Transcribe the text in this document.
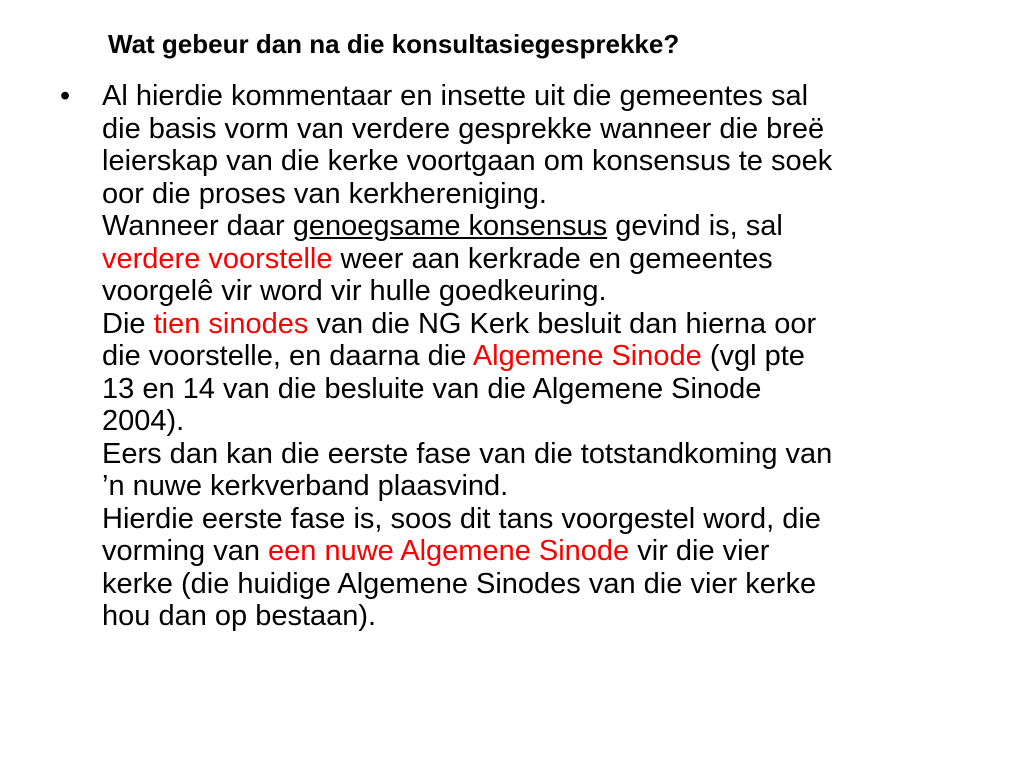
Wat gebeur dan na die konsultasiegesprekke?
• Al hierdie kommentaar en insette uit die gemeentes sal
die basis vorm van verdere gesprekke wanneer die breë
leierskap van die kerke voortgaan om konsensus te soek
oor die proses van kerkhereniging.
Wanneer daar genoegsame konsensus gevind is, sal
verdere voorstelle weer aan kerkrade en gemeentes
voorgelê vir word vir hulle goedkeuring.
Die tien sinodes van die NG Kerk besluit dan hierna oor
die voorstelle, en daarna die Algemene Sinode (vgl pte
13 en 14 van die besluite van die Algemene Sinode
2004).
Eers dan kan die eerste fase van die totstandkoming van
’n nuwe kerkverband plaasvind.
Hierdie eerste fase is, soos dit tans voorgestel word, die
vorming van een nuwe Algemene Sinode vir die vier
kerke (die huidige Algemene Sinodes van die vier kerke
hou dan op bestaan).
